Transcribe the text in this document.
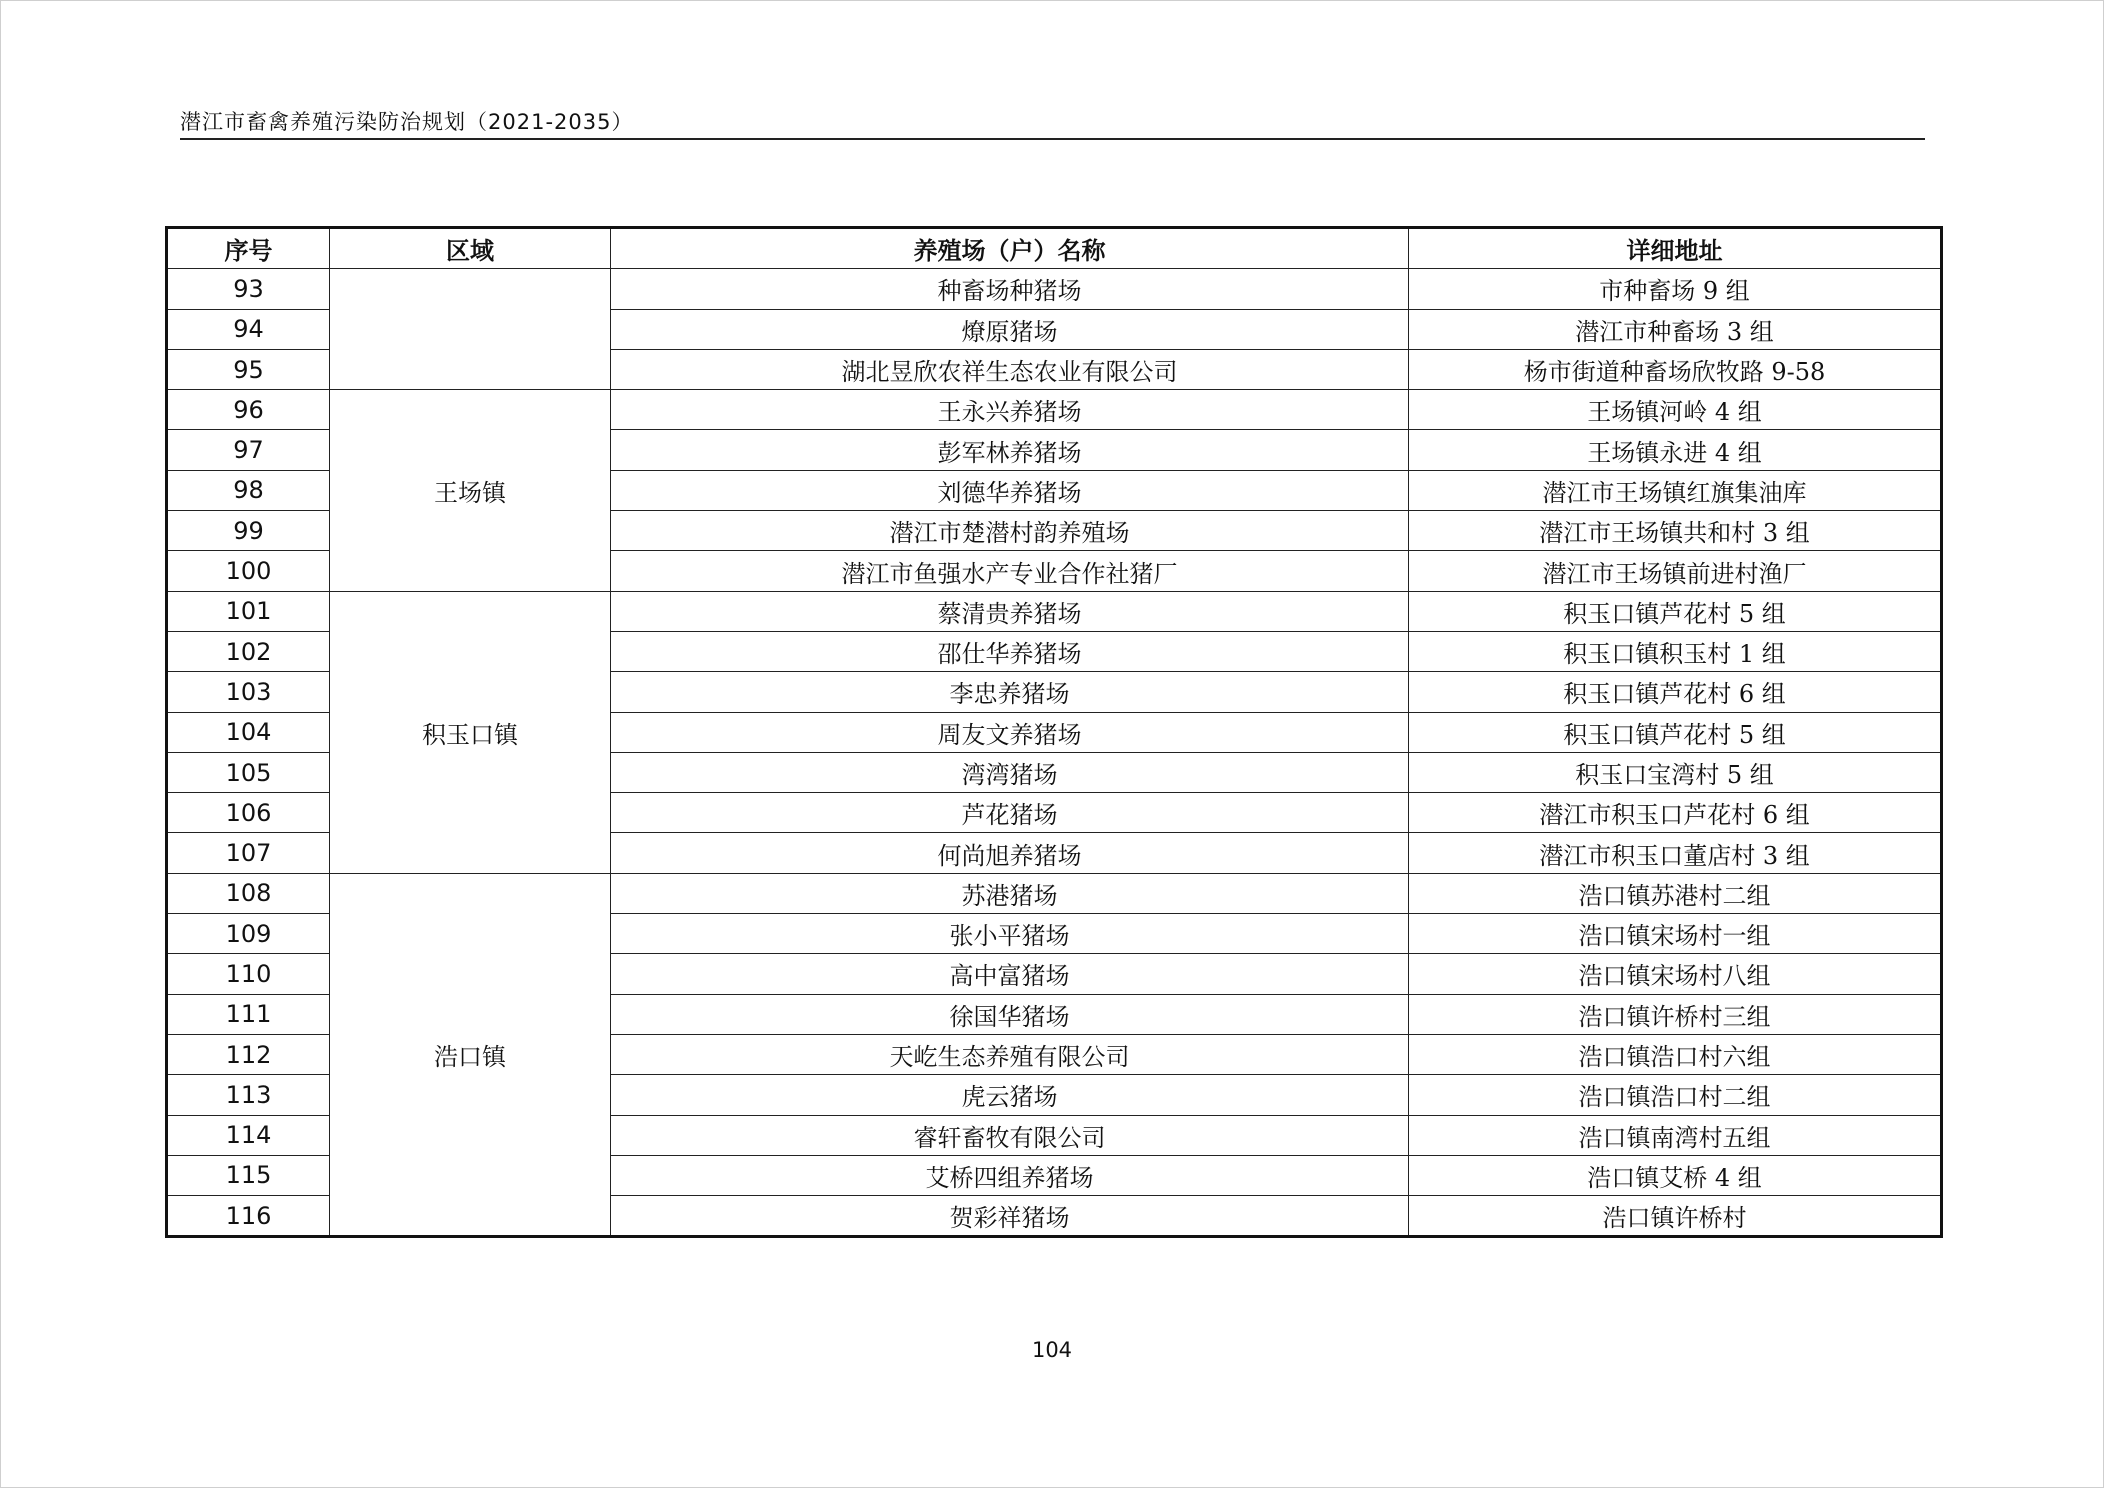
潜江市畜禽养殖污染防治规划（2021-2035）
序号	区域	养殖场（户）名称	详细地址
93		种畜场种猪场	市种畜场 9 组
94		燎原猪场	潜江市种畜场 3 组
95		湖北昱欣农祥生态农业有限公司	杨市街道种畜场欣牧路 9-58
96	王场镇	王永兴养猪场	王场镇河岭 4 组
97		彭军林养猪场	王场镇永进 4 组
98		刘德华养猪场	潜江市王场镇红旗集油库
99		潜江市楚潜村韵养殖场	潜江市王场镇共和村 3 组
100		潜江市鱼强水产专业合作社猪厂	潜江市王场镇前进村渔厂
101	积玉口镇	蔡清贵养猪场	积玉口镇芦花村 5 组
102		邵仕华养猪场	积玉口镇积玉村 1 组
103		李忠养猪场	积玉口镇芦花村 6 组
104		周友文养猪场	积玉口镇芦花村 5 组
105		湾湾猪场	积玉口宝湾村 5 组
106		芦花猪场	潜江市积玉口芦花村 6 组
107		何尚旭养猪场	潜江市积玉口董店村 3 组
108	浩口镇	苏港猪场	浩口镇苏港村二组
109		张小平猪场	浩口镇宋场村一组
110		高中富猪场	浩口镇宋场村八组
111		徐国华猪场	浩口镇许桥村三组
112		天屹生态养殖有限公司	浩口镇浩口村六组
113		虎云猪场	浩口镇浩口村二组
114		睿轩畜牧有限公司	浩口镇南湾村五组
115		艾桥四组养猪场	浩口镇艾桥 4 组
116		贺彩祥猪场	浩口镇许桥村
104
